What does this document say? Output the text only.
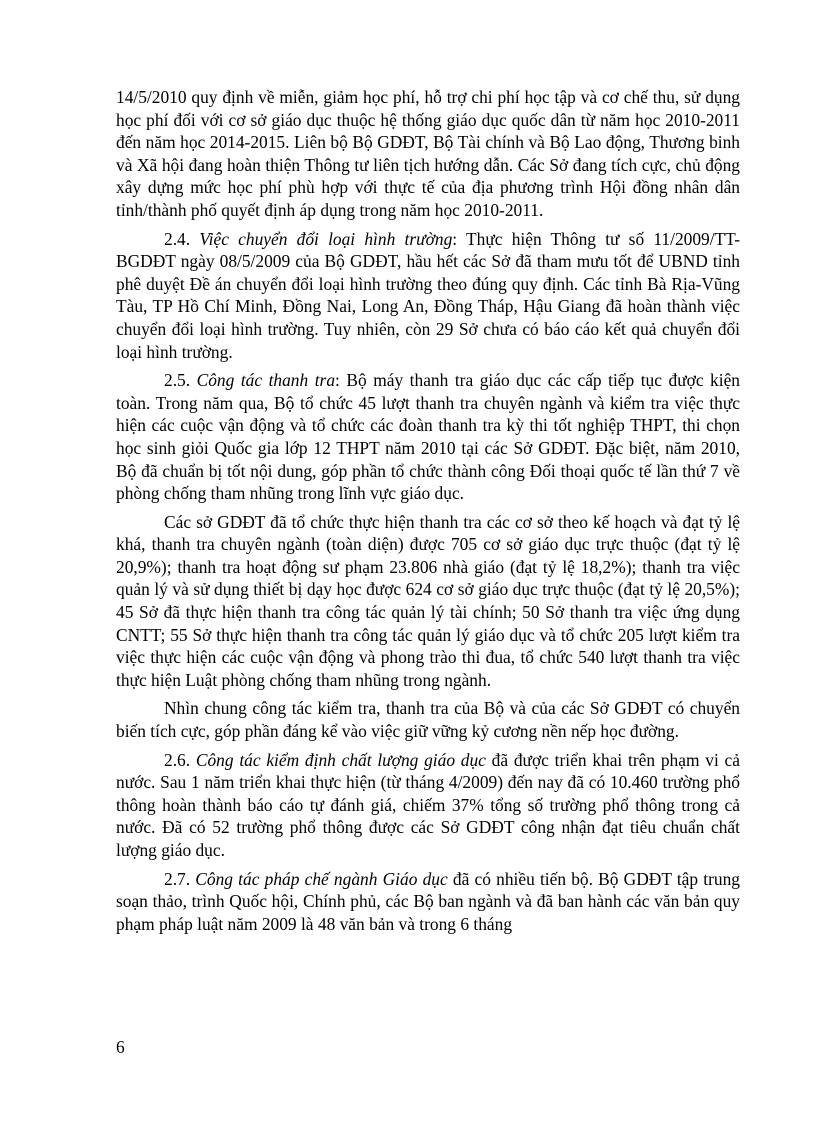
14/5/2010 quy định về miễn, giảm học phí, hỗ trợ chi phí học tập và cơ chế thu, sử dụng học phí đối với cơ sở giáo dục thuộc hệ thống giáo dục quốc dân từ năm học 2010-2011 đến năm học 2014-2015. Liên bộ Bộ GDĐT, Bộ Tài chính và Bộ Lao động, Thương binh và Xã hội đang hoàn thiện Thông tư liên tịch hướng dẫn. Các Sở đang tích cực, chủ động xây dựng mức học phí phù hợp với thực tế của địa phương trình Hội đồng nhân dân tỉnh/thành phố quyết định áp dụng trong năm học 2010-2011.

2.4. Việc chuyển đổi loại hình trường: Thực hiện Thông tư số 11/2009/TT-BGDĐT ngày 08/5/2009 của Bộ GDĐT, hầu hết các Sở đã tham mưu tốt để UBND tỉnh phê duyệt Đề án chuyển đổi loại hình trường theo đúng quy định. Các tỉnh Bà Rịa-Vũng Tàu, TP Hồ Chí Minh, Đồng Nai, Long An, Đồng Tháp, Hậu Giang đã hoàn thành việc chuyển đổi loại hình trường. Tuy nhiên, còn 29 Sở chưa có báo cáo kết quả chuyển đổi loại hình trường.

2.5. Công tác thanh tra: Bộ máy thanh tra giáo dục các cấp tiếp tục được kiện toàn. Trong năm qua, Bộ tổ chức 45 lượt thanh tra chuyên ngành và kiểm tra việc thực hiện các cuộc vận động và tổ chức các đoàn thanh tra kỳ thi tốt nghiệp THPT, thi chọn học sinh giỏi Quốc gia lớp 12 THPT năm 2010 tại các Sở GDĐT. Đặc biệt, năm 2010, Bộ đã chuẩn bị tốt nội dung, góp phần tổ chức thành công Đối thoại quốc tế lần thứ 7 về phòng chống tham nhũng trong lĩnh vực giáo dục.

Các sở GDĐT đã tổ chức thực hiện thanh tra các cơ sở theo kế hoạch và đạt tỷ lệ khá, thanh tra chuyên ngành (toàn diện) được 705 cơ sở giáo dục trực thuộc (đạt tỷ lệ 20,9%); thanh tra hoạt động sư phạm 23.806 nhà giáo (đạt tỷ lệ 18,2%); thanh tra việc quản lý và sử dụng thiết bị dạy học được 624 cơ sở giáo dục trực thuộc (đạt tỷ lệ 20,5%); 45 Sở đã thực hiện thanh tra công tác quản lý tài chính; 50 Sở thanh tra việc ứng dụng CNTT; 55 Sở thực hiện thanh tra công tác quản lý giáo dục và tổ chức 205 lượt kiểm tra việc thực hiện các cuộc vận động và phong trào thi đua, tổ chức 540 lượt thanh tra việc thực hiện Luật phòng chống tham nhũng trong ngành.

Nhìn chung công tác kiểm tra, thanh tra của Bộ và của các Sở GDĐT có chuyển biến tích cực, góp phần đáng kể vào việc giữ vững kỷ cương nền nếp học đường.

2.6. Công tác kiểm định chất lượng giáo dục đã được triển khai trên phạm vi cả nước. Sau 1 năm triển khai thực hiện (từ tháng 4/2009) đến nay đã có 10.460 trường phổ thông hoàn thành báo cáo tự đánh giá, chiếm 37% tổng số trường phổ thông trong cả nước. Đã có 52 trường phổ thông được các Sở GDĐT công nhận đạt tiêu chuẩn chất lượng giáo dục.

2.7. Công tác pháp chế ngành Giáo dục đã có nhiều tiến bộ. Bộ GDĐT tập trung soạn thảo, trình Quốc hội, Chính phủ, các Bộ ban ngành và đã ban hành các văn bản quy phạm pháp luật năm 2009 là 48 văn bản và trong 6 tháng

6
